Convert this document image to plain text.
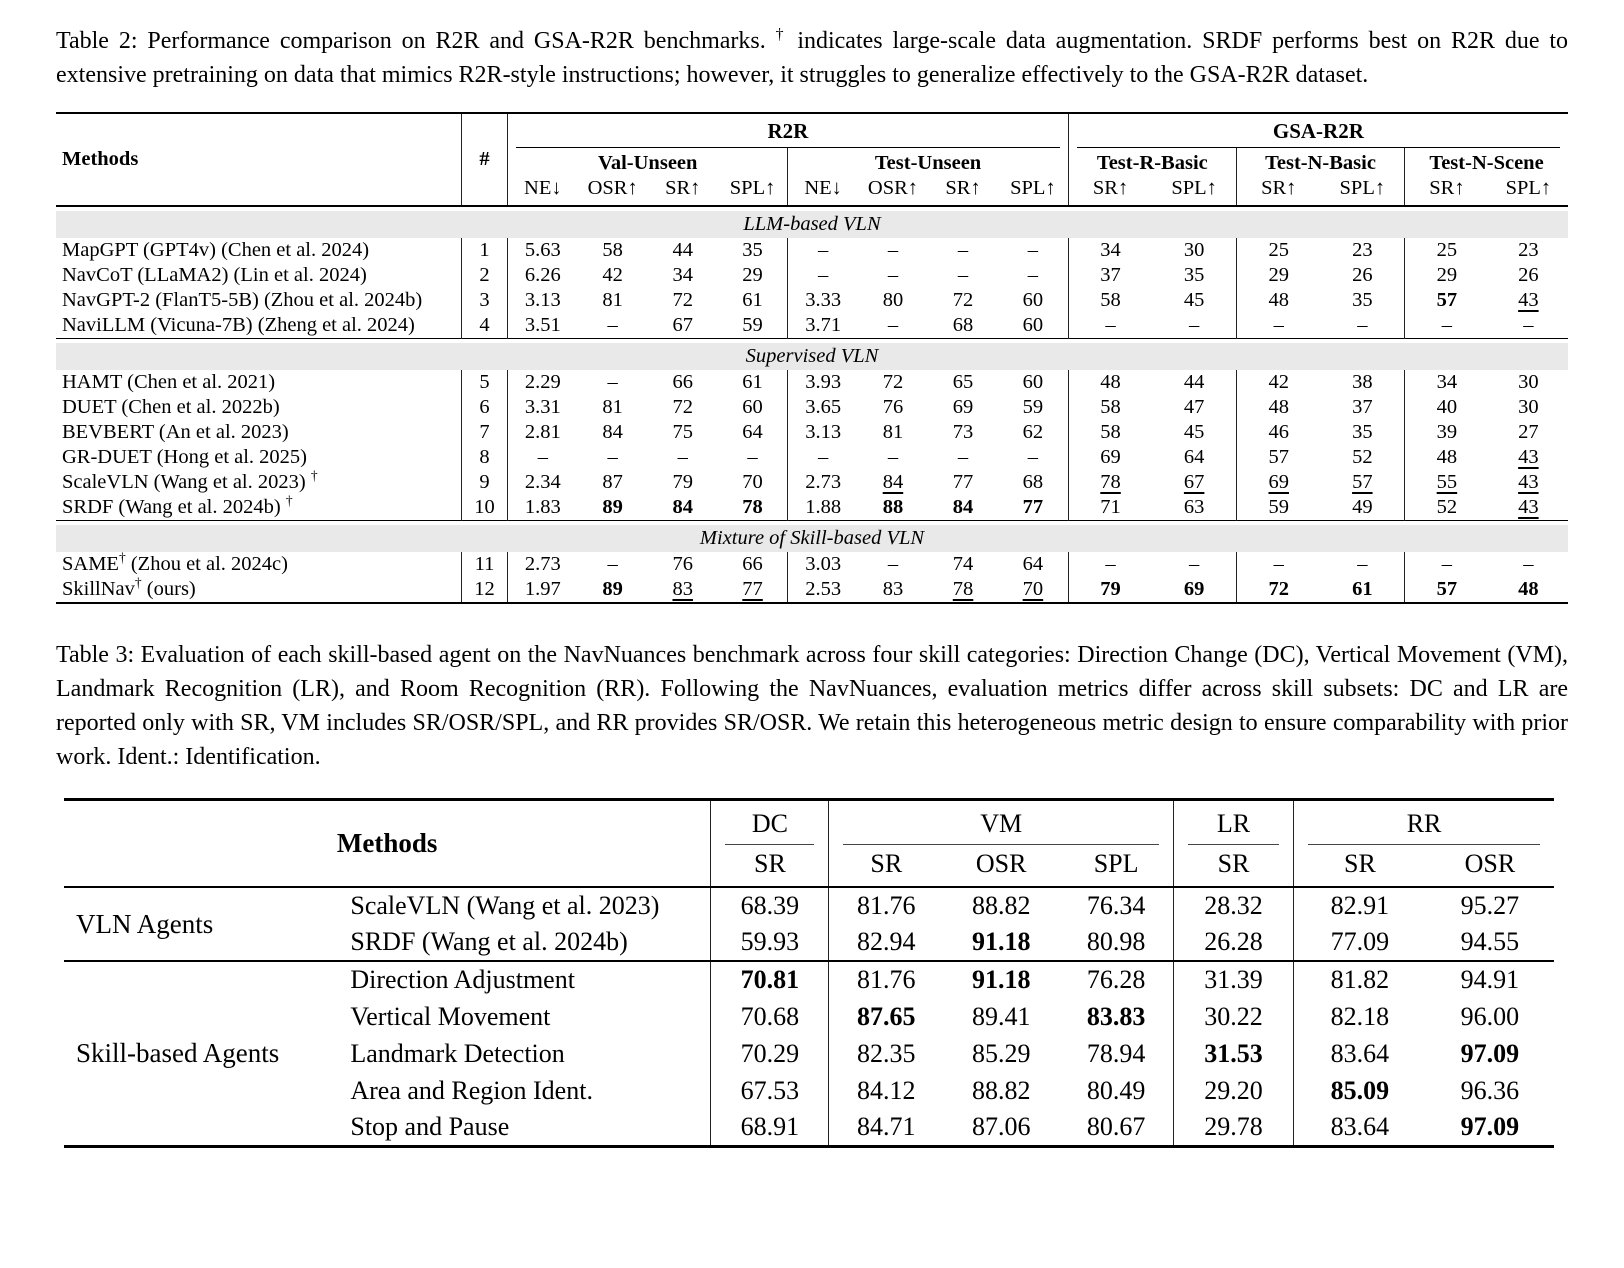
Table 2: Performance comparison on R2R and GSA-R2R benchmarks. † indicates large-scale data augmentation. SRDF performs best on R2R due to extensive pretraining on data that mimics R2R-style instructions; however, it struggles to generalize effectively to the GSA-R2R dataset.

Methods	#	R2R								GSA-R2R					

		Val-Unseen				Test-Unseen				Test-R-Basic		Test-N-Basic		Test-N-Scene	
		NE↓	OSR↑	SR↑	SPL↑	NE↓	OSR↑	SR↑	SPL↑	SR↑	SPL↑	SR↑	SPL↑	SR↑	SPL↑

LLM-based VLN															

MapGPT (GPT4v) (Chen et al. 2024)	1	5.63	58	44	35	–	–	–	–	34	30	25	23	25	23
NavCoT (LLaMA2) (Lin et al. 2024)	2	6.26	42	34	29	–	–	–	–	37	35	29	26	29	26
NavGPT-2 (FlanT5-5B) (Zhou et al. 2024b)	3	3.13	81	72	61	3.33	80	72	60	58	45	48	35	57	43
NaviLLM (Vicuna-7B) (Zheng et al. 2024)	4	3.51	–	67	59	3.71	–	68	60	–	–	–	–	–	–

Supervised VLN															

HAMT (Chen et al. 2021)	5	2.29	–	66	61	3.93	72	65	60	48	44	42	38	34	30
DUET (Chen et al. 2022b)	6	3.31	81	72	60	3.65	76	69	59	58	47	48	37	40	30
BEVBERT (An et al. 2023)	7	2.81	84	75	64	3.13	81	73	62	58	45	46	35	39	27
GR-DUET (Hong et al. 2025)	8	–	–	–	–	–	–	–	–	69	64	57	52	48	43
ScaleVLN (Wang et al. 2023) †	9	2.34	87	79	70	2.73	84	77	68	78	67	69	57	55	43
SRDF (Wang et al. 2024b) †	10	1.83	89	84	78	1.88	88	84	77	71	63	59	49	52	43

Mixture of Skill-based VLN															

SAME† (Zhou et al. 2024c)	11	2.73	–	76	66	3.03	–	74	64	–	–	–	–	–	–
SkillNav† (ours)	12	1.97	89	83	77	2.53	83	78	70	79	69	72	61	57	48

Table 3: Evaluation of each skill-based agent on the NavNuances benchmark across four skill categories: Direction Change (DC), Vertical Movement (VM), Landmark Recognition (LR), and Room Recognition (RR). Following the NavNuances, evaluation metrics differ across skill subsets: DC and LR are reported only with SR, VM includes SR/OSR/SPL, and RR provides SR/OSR. We retain this heterogeneous metric design to ensure comparability with prior work. Ident.: Identification.

Methods		DC	VM			LR	RR	

		SR	SR	OSR	SPL	SR	SR	OSR
VLN Agents	ScaleVLN (Wang et al. 2023)	68.39	81.76	88.82	76.34	28.32	82.91	95.27
	SRDF (Wang et al. 2024b)	59.93	82.94	91.18	80.98	26.28	77.09	94.55
Skill-based Agents	Direction Adjustment	70.81	81.76	91.18	76.28	31.39	81.82	94.91
	Vertical Movement	70.68	87.65	89.41	83.83	30.22	82.18	96.00
	Landmark Detection	70.29	82.35	85.29	78.94	31.53	83.64	97.09
	Area and Region Ident.	67.53	84.12	88.82	80.49	29.20	85.09	96.36
	Stop and Pause	68.91	84.71	87.06	80.67	29.78	83.64	97.09
